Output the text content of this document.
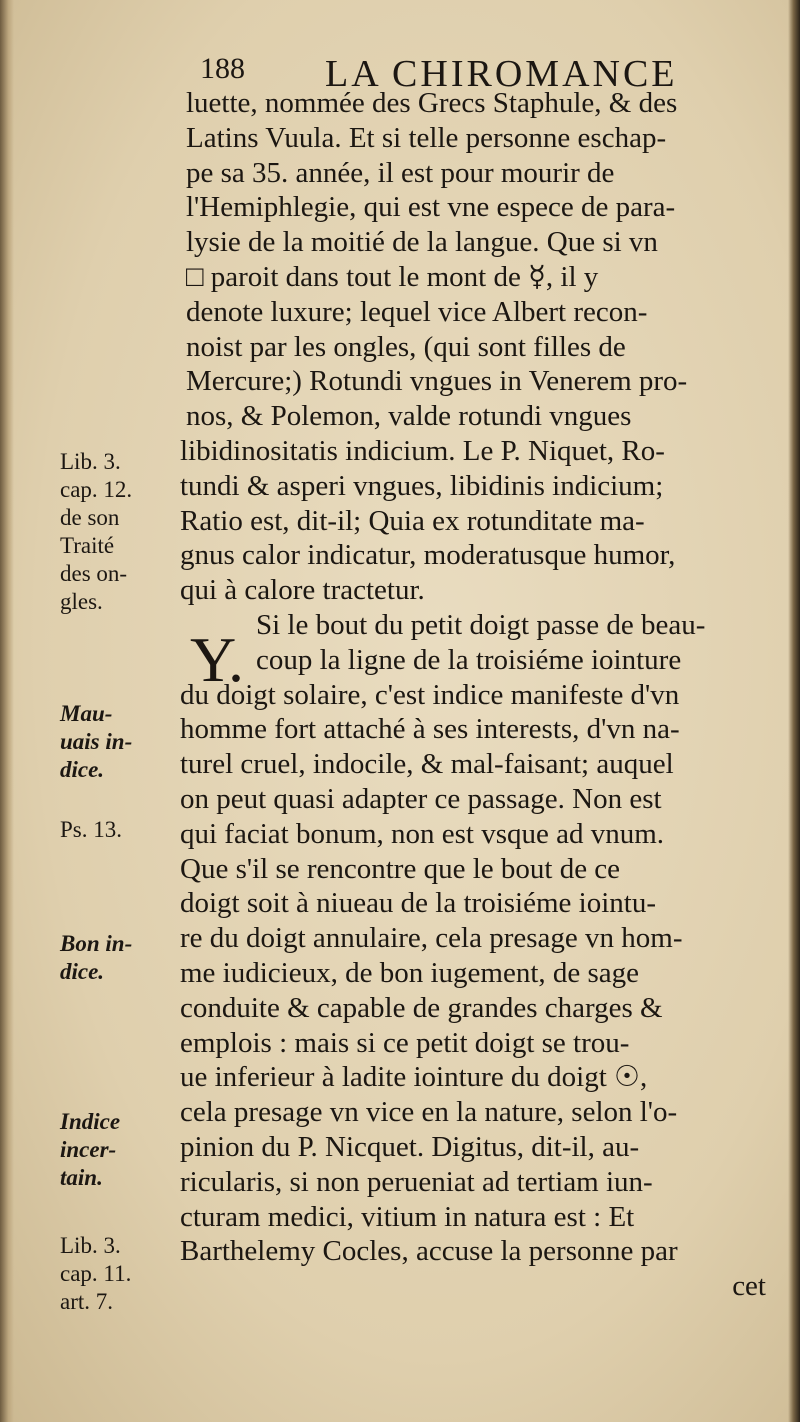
188 LA CHIROMANCE
Y.
luette, nommée des Grecs Staphule, & des
Latins Vuula. Et si telle personne eschap-
pe sa 35. année, il est pour mourir de
l'Hemiphlegie, qui est vne espece de para-
lysie de la moitié de la langue. Que si vn
□ paroit dans tout le mont de ☿, il y
denote luxure; lequel vice Albert recon-
noist par les ongles, (qui sont filles de
Mercure;) Rotundi vngues in Venerem pro-
nos, & Polemon, valde rotundi vngues
libidinositatis indicium. Le P. Niquet, Ro-
tundi & asperi vngues, libidinis indicium;
Ratio est, dit-il; Quia ex rotunditate ma-
gnus calor indicatur, moderatusque humor,
qui à calore tractetur.
Si le bout du petit doigt passe de beau-
coup la ligne de la troisiéme iointure
du doigt solaire, c'est indice manifeste d'vn
homme fort attaché à ses interests, d'vn na-
turel cruel, indocile, & mal-faisant; auquel
on peut quasi adapter ce passage. Non est
qui faciat bonum, non est vsque ad vnum.
Que s'il se rencontre que le bout de ce
doigt soit à niueau de la troisiéme iointu-
re du doigt annulaire, cela presage vn hom-
me iudicieux, de bon iugement, de sage
conduite & capable de grandes charges &
emplois : mais si ce petit doigt se trou-
ue inferieur à ladite iointure du doigt ☉,
cela presage vn vice en la nature, selon l'o-
pinion du P. Nicquet. Digitus, dit-il, au-
ricularis, si non perueniat ad tertiam iun-
cturam medici, vitium in natura est : Et
Barthelemy Cocles, accuse la personne par
cet
Lib. 3.
cap. 12.
de son
Traité
des on-
gles.
Mau-
uais in-
dice.
Ps. 13.
Bon in-
dice.
Indice
incer-
tain.
Lib. 3.
cap. 11.
art. 7.
